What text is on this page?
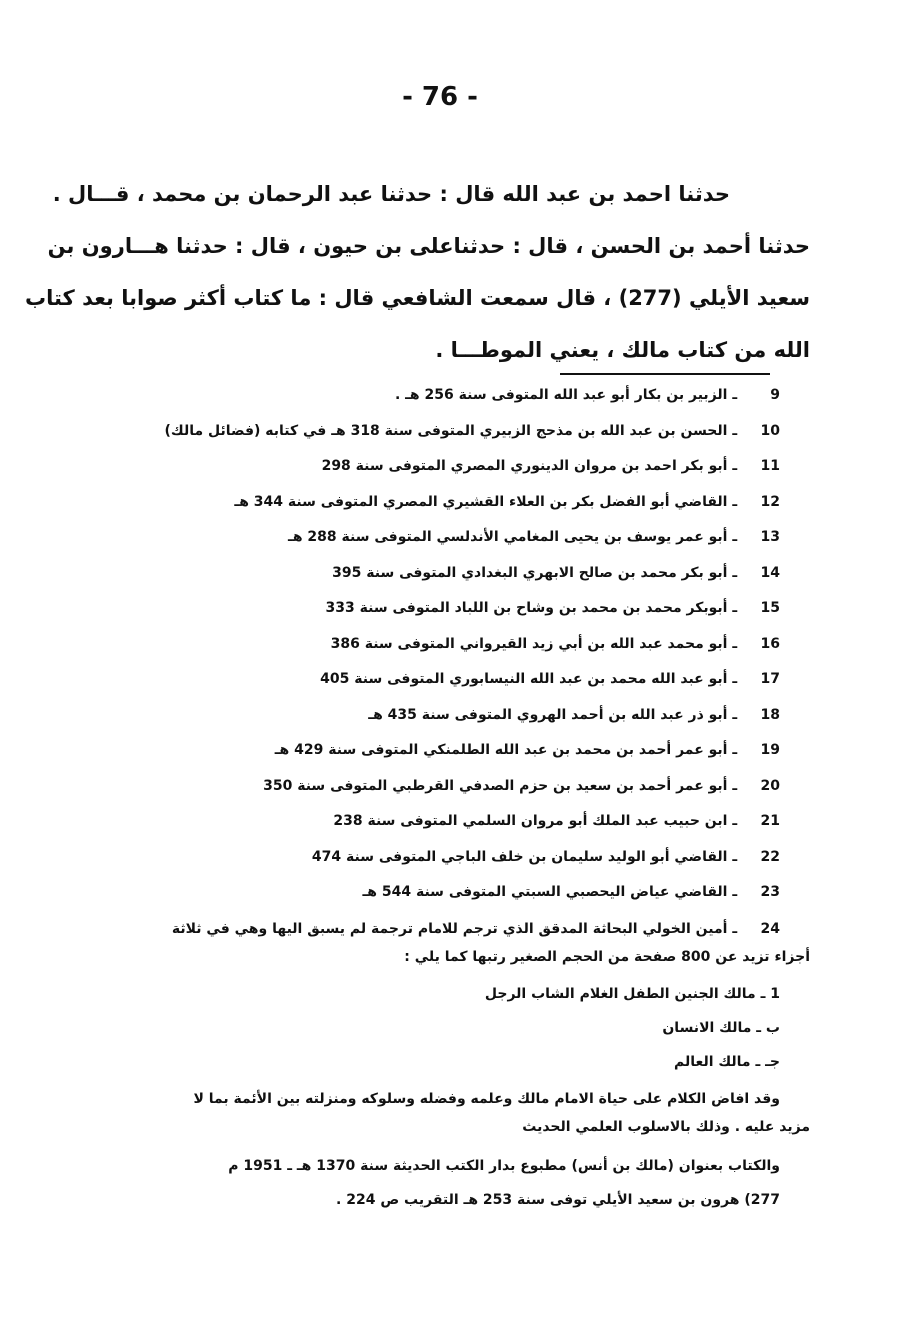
- 76 -
حدثنا احمد بن عبد الله قال : حدثنا عبد الرحمان بن محمد ، قـــال .
حدثنا أحمد بن الحسن ، قال : حدثناعلى بن حيون ، قال : حدثنا هـــارون بن
سعيد الأيلي (277) ، قال سمعت الشافعي قال : ما كتاب أكثر صوابا بعد كتاب
الله من كتاب مالك ، يعني الموطـــا .
9 ـ الزبير بن بكار أبو عبد الله المتوفى سنة 256 هـ .
10 ـ الحسن بن عبد الله بن مذحج الزبيري المتوفى سنة 318 هـ في كتابه (فضائل مالك)
11 ـ أبو بكر احمد بن مروان الدينوري المصري المتوفى سنة 298
12 ـ القاضي أبو الفضل بكر بن العلاء القشيري المصري المتوفى سنة 344 هـ
13 ـ أبو عمر يوسف بن يحيى المغامي الأندلسي المتوفى سنة 288 هـ
14 ـ أبو بكر محمد بن صالح الابهري البغدادي المتوفى سنة 395
15 ـ أبوبكر محمد بن محمد بن وشاح بن اللباد المتوفى سنة 333
16 ـ أبو محمد عبد الله بن أبي زيد القيرواني المتوفى سنة 386
17 ـ أبو عبد الله محمد بن عبد الله النيسابوري المتوفى سنة 405
18 ـ أبو ذر عبد الله بن أحمد الهروي المتوفى سنة 435 هـ
19 ـ أبو عمر أحمد بن محمد بن عبد الله الطلمنكي المتوفى سنة 429 هـ
20 ـ أبو عمر أحمد بن سعيد بن حزم الصدفي القرطبي المتوفى سنة 350
21 ـ ابن حبيب عبد الملك أبو مروان السلمي المتوفى سنة 238
22 ـ القاضي أبو الوليد سليمان بن خلف الباجي المتوفى سنة 474
23 ـ القاضي عياض اليحصبي السبتي المتوفى سنة 544 هـ
24 ـ أمين الخولي البحاثة المدقق الذي ترجم للامام ترجمة لم يسبق اليها وهي في ثلاثة
أجزاء تزيد عن 800 صفحة من الحجم الصغير رتبها كما يلي :
1 ـ مالك الجنين الطفل الغلام الشاب الرجل
ب ـ مالك الانسان
جـ ـ مالك العالم
وقد افاض الكلام على حياة الامام مالك وعلمه وفضله وسلوكه ومنزلته بين الأئمة بما لا
مزيد عليه . وذلك بالاسلوب العلمي الحديث
والكتاب بعنوان (مالك بن أنس) مطبوع بدار الكتب الحديثة سنة 1370 هـ ـ 1951 م
277) هرون بن سعيد الأيلي توفى سنة 253 هـ التقريب ص 224 .
